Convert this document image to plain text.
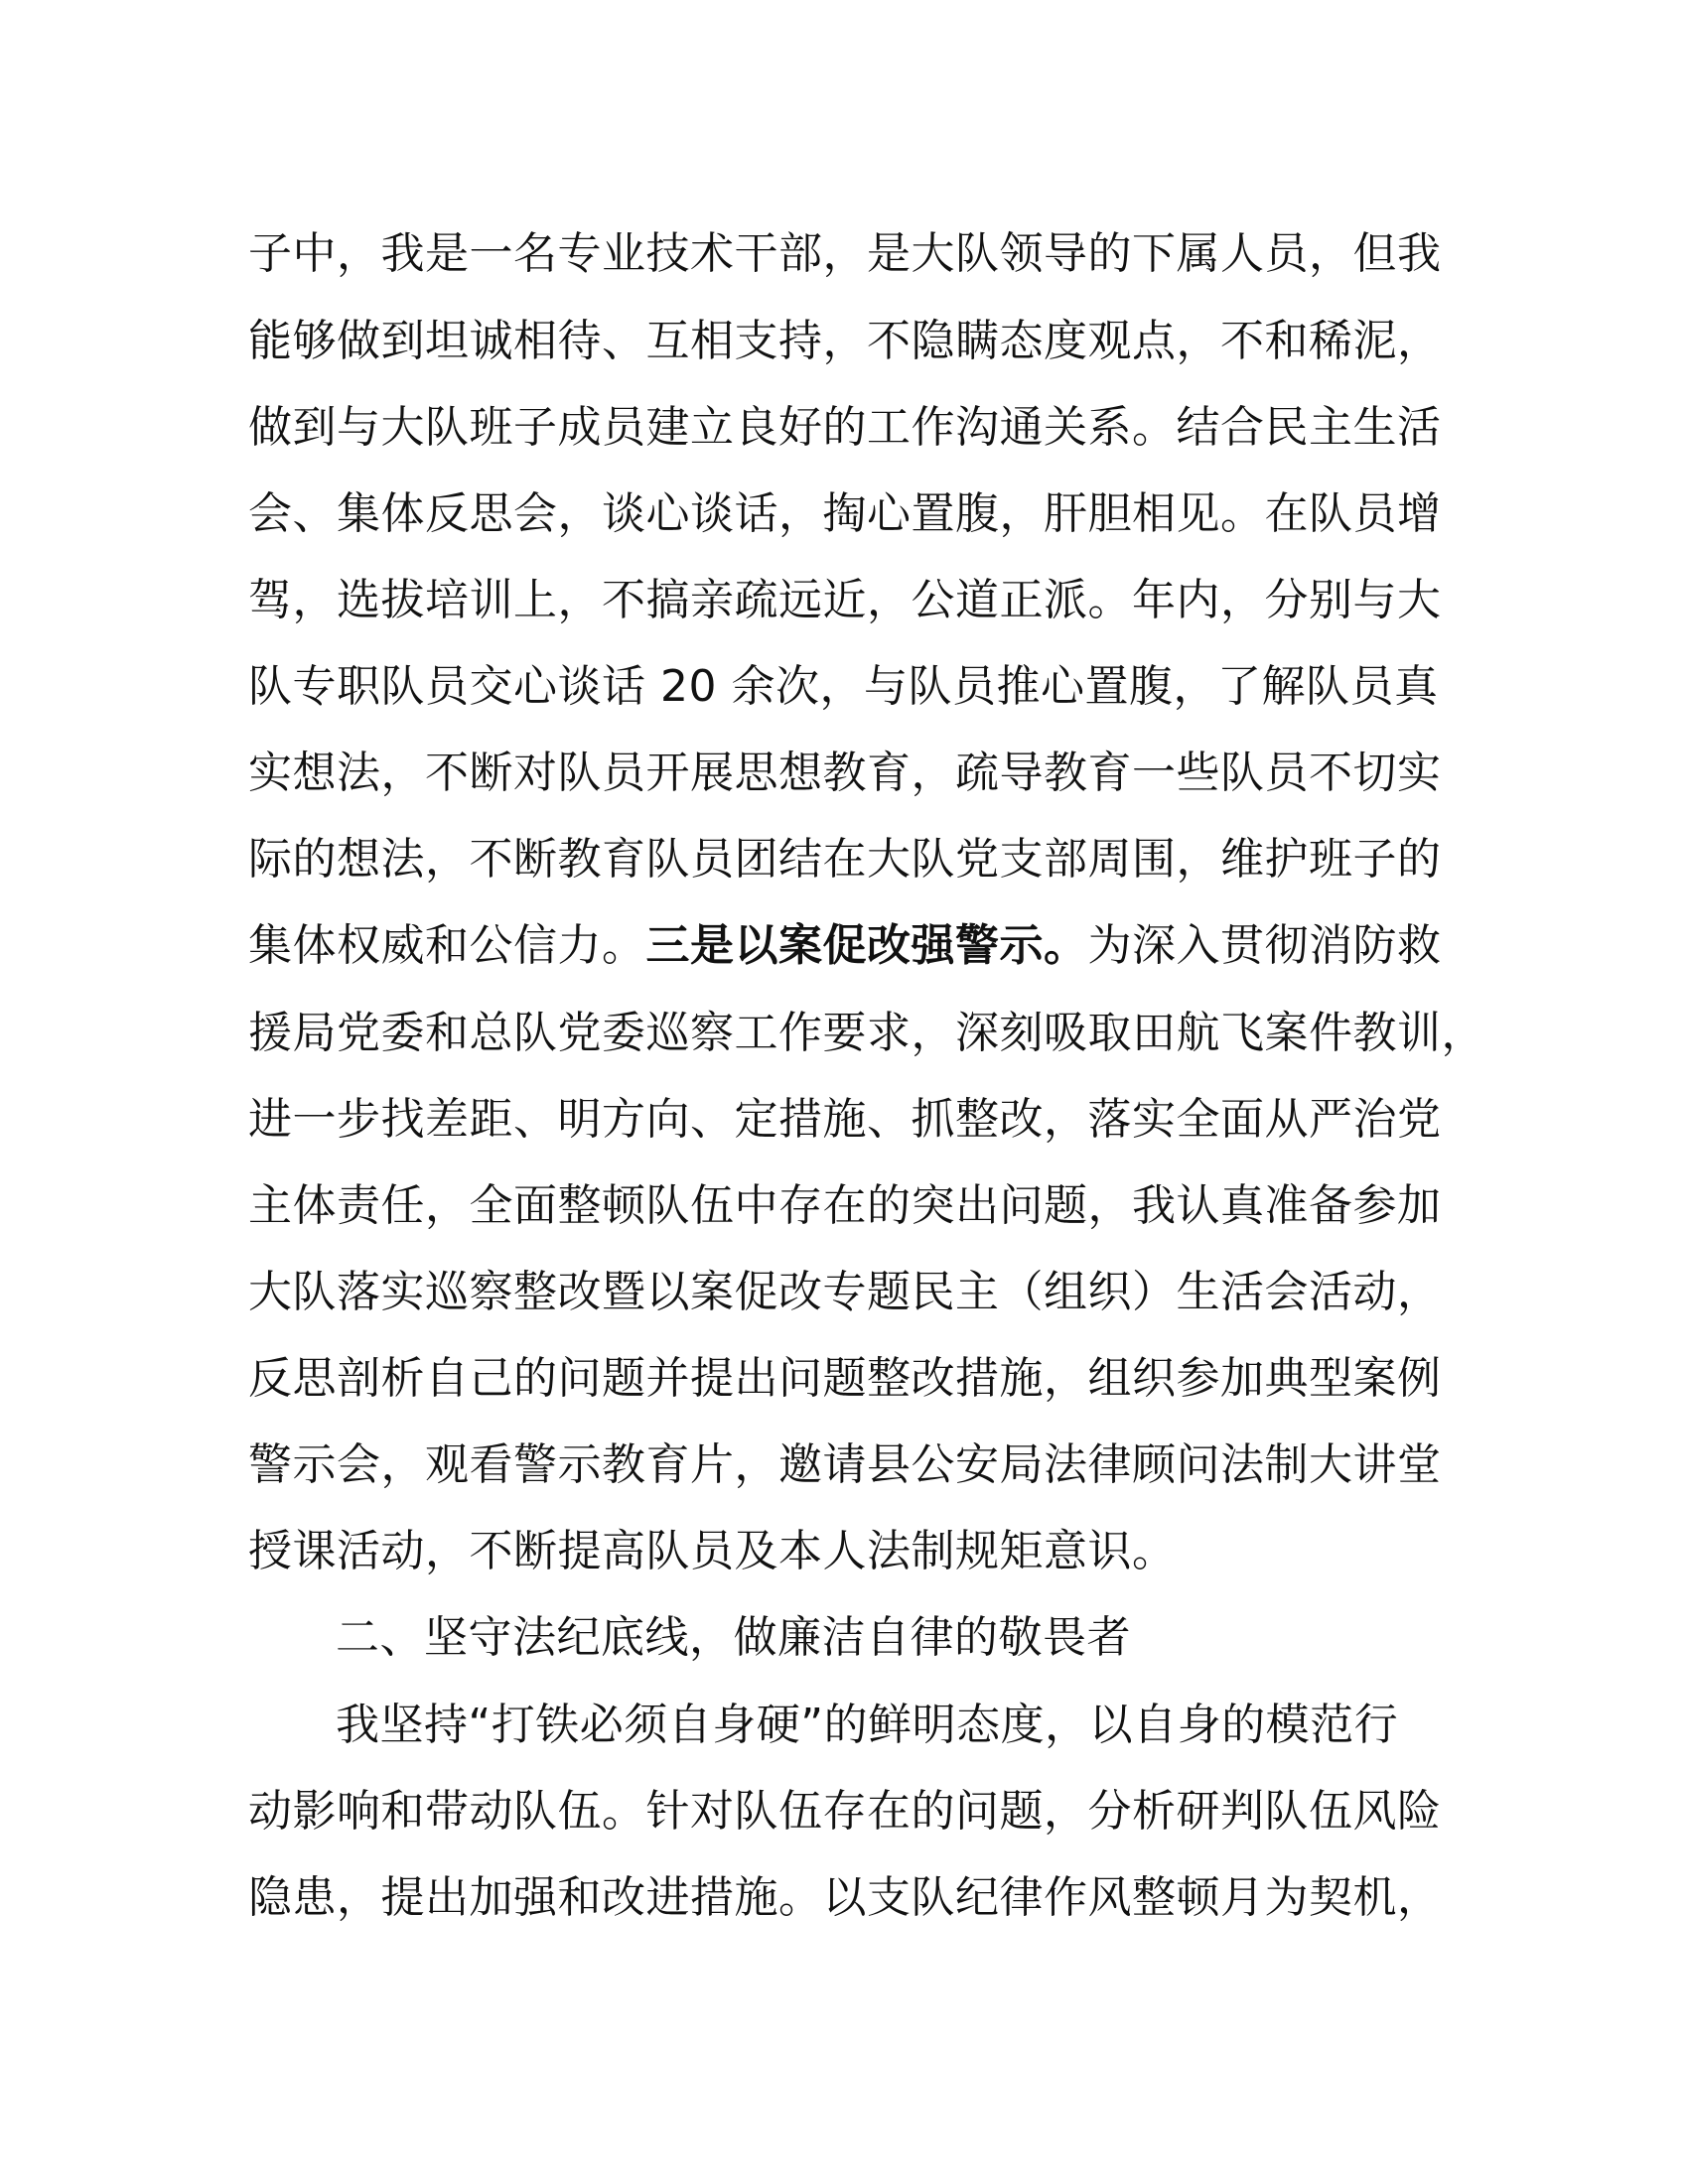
子中，我是一名专业技术干部，是大队领导的下属人员，但我
能够做到坦诚相待、互相支持，不隐瞒态度观点，不和稀泥，
做到与大队班子成员建立良好的工作沟通关系。结合民主生活
会、集体反思会，谈心谈话，掏心置腹，肝胆相见。在队员增
驾，选拔培训上，不搞亲疏远近，公道正派。年内，分别与大
队专职队员交心谈话 20 余次，与队员推心置腹，了解队员真
实想法，不断对队员开展思想教育，疏导教育一些队员不切实
际的想法，不断教育队员团结在大队党支部周围，维护班子的
集体权威和公信力。三是以案促改强警示。为深入贯彻消防救
援局党委和总队党委巡察工作要求，深刻吸取田航飞案件教训，
进一步找差距、明方向、定措施、抓整改，落实全面从严治党
主体责任，全面整顿队伍中存在的突出问题，我认真准备参加
大队落实巡察整改暨以案促改专题民主（组织）生活会活动，
反思剖析自己的问题并提出问题整改措施，组织参加典型案例
警示会，观看警示教育片，邀请县公安局法律顾问法制大讲堂
授课活动，不断提高队员及本人法制规矩意识。
二、坚守法纪底线，做廉洁自律的敬畏者
我坚持“打铁必须自身硬”的鲜明态度，以自身的模范行
动影响和带动队伍。针对队伍存在的问题，分析研判队伍风险
隐患，提出加强和改进措施。以支队纪律作风整顿月为契机，
